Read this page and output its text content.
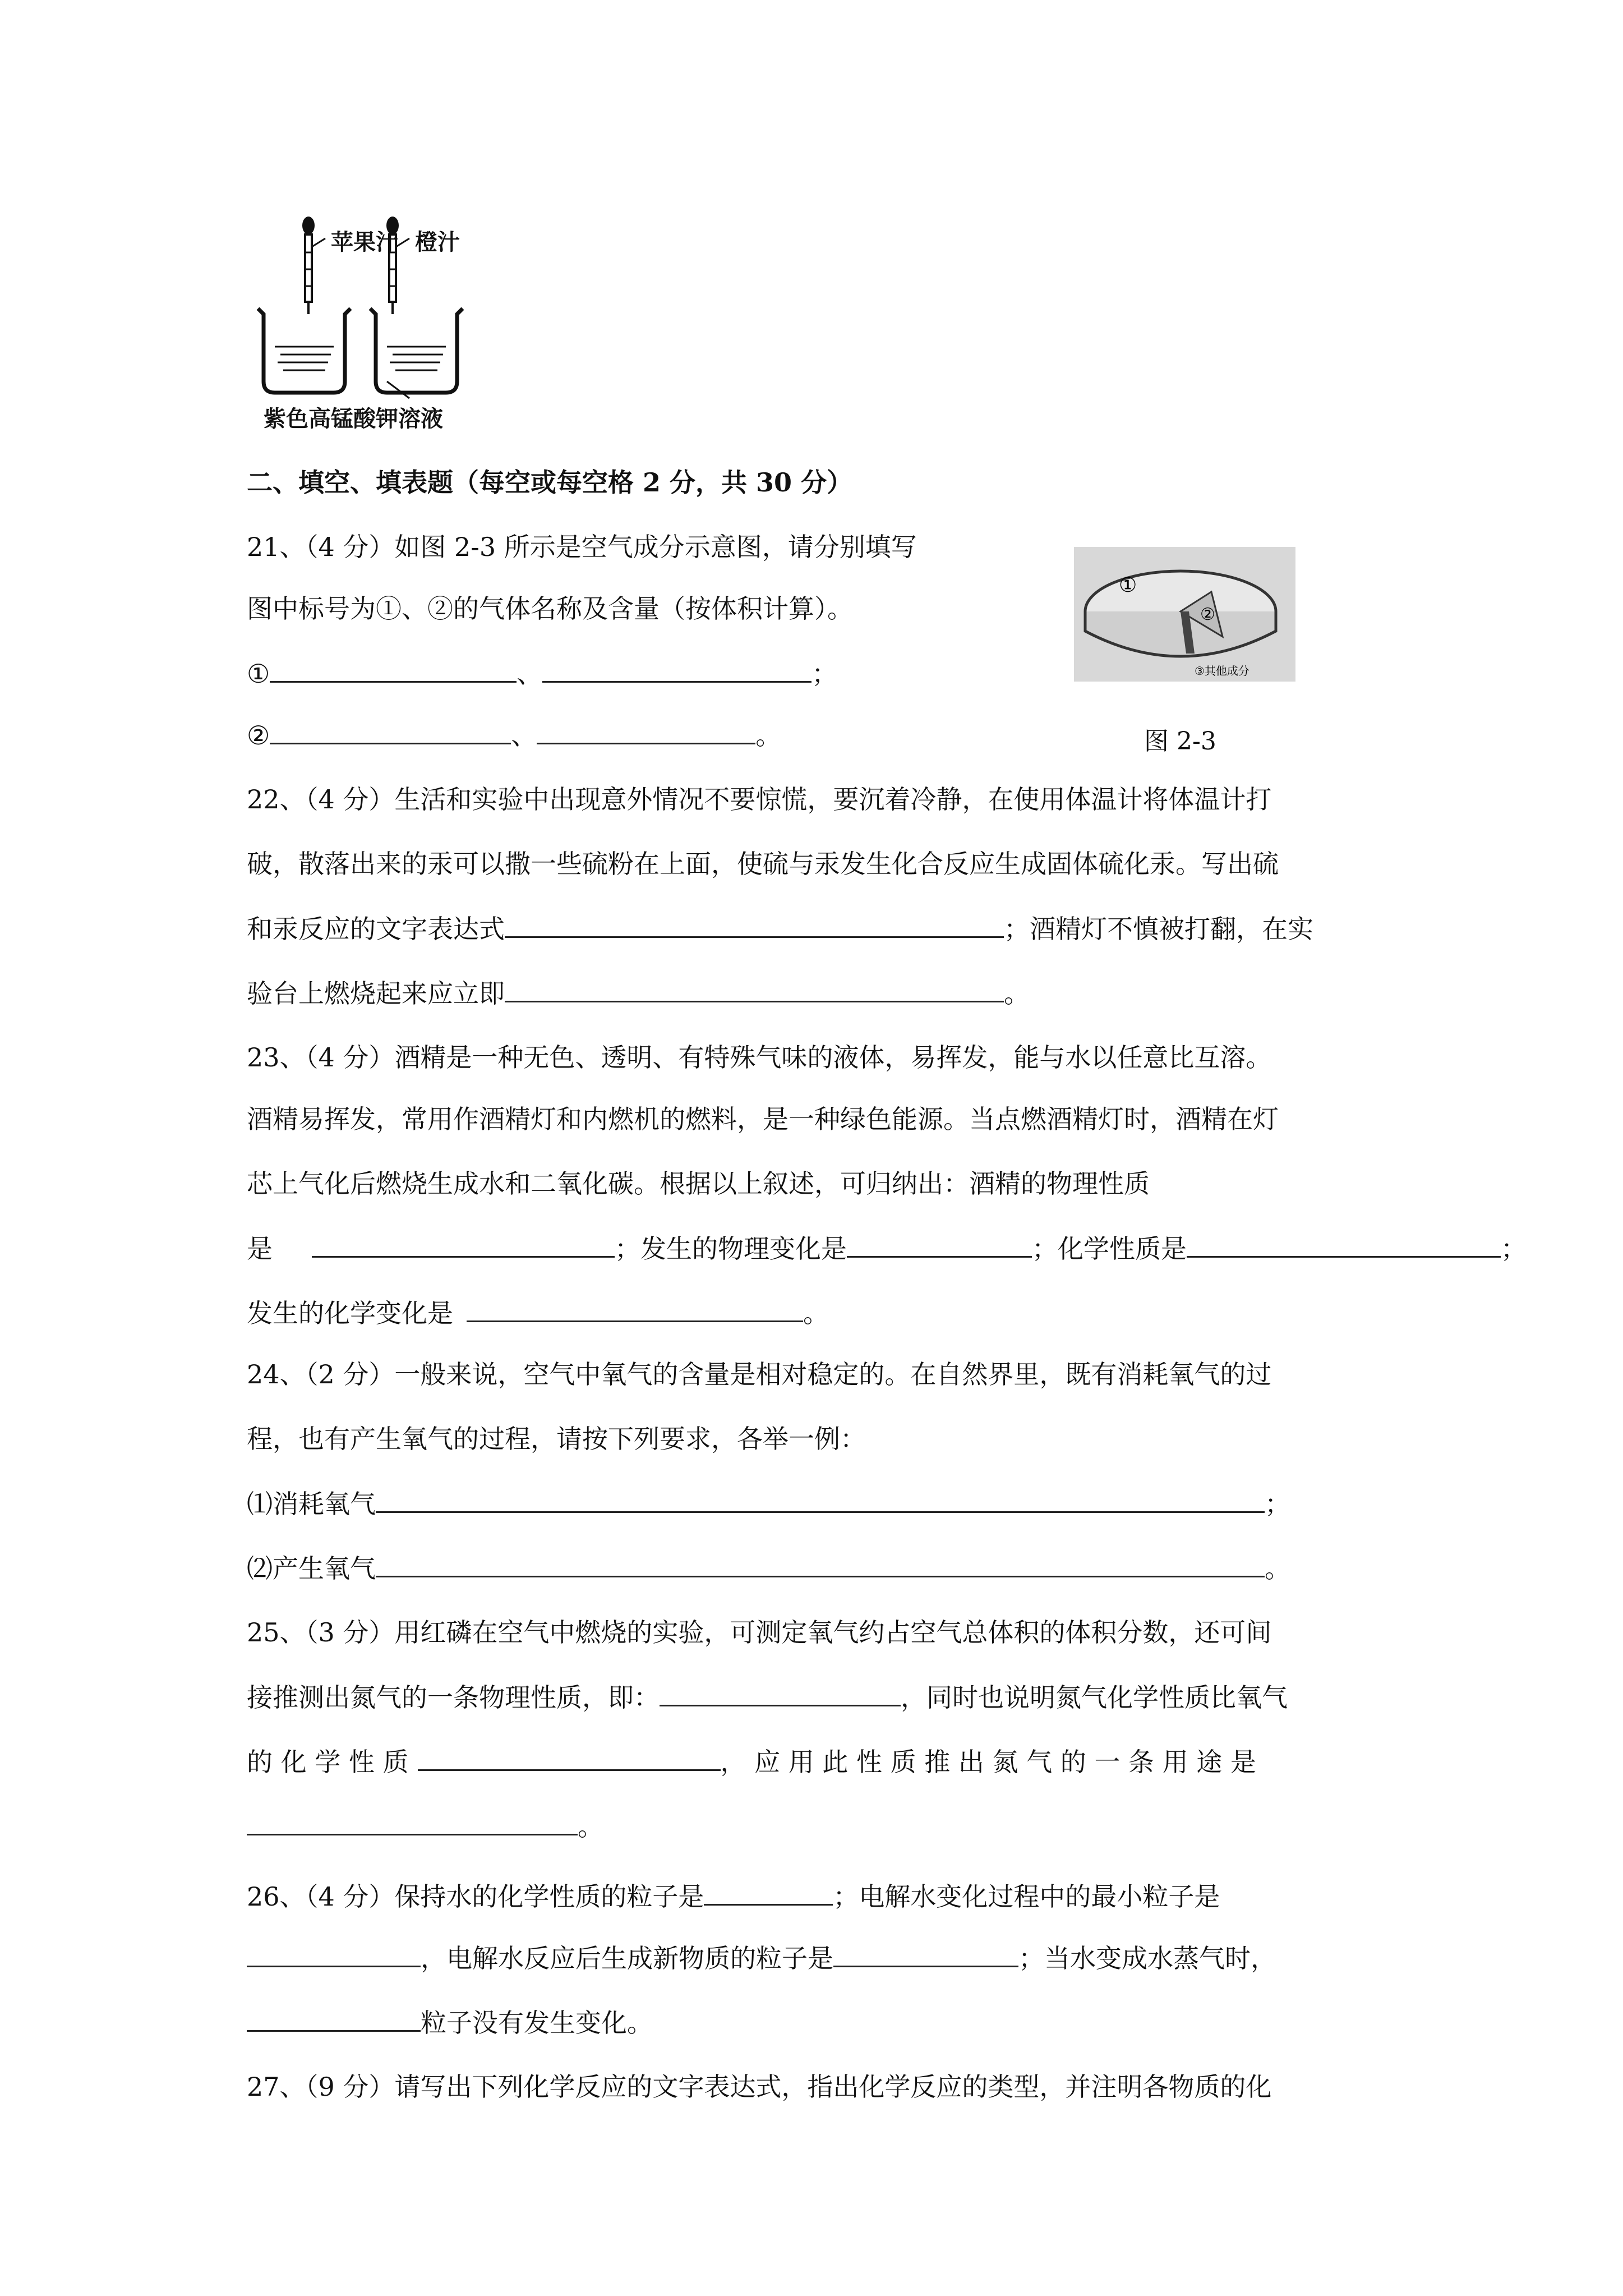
苹果汁 橙汁
紫色高锰酸钾溶液
二、填空、填表题（每空或每空格 2 分，共 30 分）
21、（4 分）如图 2-3 所示是空气成分示意图，请分别填写
图中标号为①、②的气体名称及含量（按体积计算）。
①	、	；
②	、	。
①
②
③其他成分
图 2-3
22、（4 分）生活和实验中出现意外情况不要惊慌，要沉着冷静，在使用体温计将体温计打
破，散落出来的汞可以撒一些硫粉在上面，使硫与汞发生化合反应生成固体硫化汞。写出硫
和汞反应的文字表达式	；酒精灯不慎被打翻，在实
验台上燃烧起来应立即	。
23、（4 分）酒精是一种无色、透明、有特殊气味的液体，易挥发，能与水以任意比互溶。
酒精易挥发，常用作酒精灯和内燃机的燃料，是一种绿色能源。当点燃酒精灯时，酒精在灯
芯上气化后燃烧生成水和二氧化碳。根据以上叙述，可归纳出：酒精的物理性质
是	；发生的物理变化是	；化学性质是	；
发生的化学变化是	。
24、（2 分）一般来说，空气中氧气的含量是相对稳定的。在自然界里，既有消耗氧气的过
程，也有产生氧气的过程，请按下列要求，各举一例：
⑴消耗氧气	；
⑵产生氧气	。
25、（3 分）用红磷在空气中燃烧的实验，可测定氧气约占空气总体积的体积分数，还可间
接推测出氮气的一条物理性质，即：	，同时也说明氮气化学性质比氧气
的 化 学 性 质	， 应 用 此 性 质 推 出 氮 气 的 一 条 用 途 是
。
26、（4 分）保持水的化学性质的粒子是	；电解水变化过程中的最小粒子是
，电解水反应后生成新物质的粒子是	；当水变成水蒸气时，
粒子没有发生变化。
27、（9 分）请写出下列化学反应的文字表达式，指出化学反应的类型，并注明各物质的化
